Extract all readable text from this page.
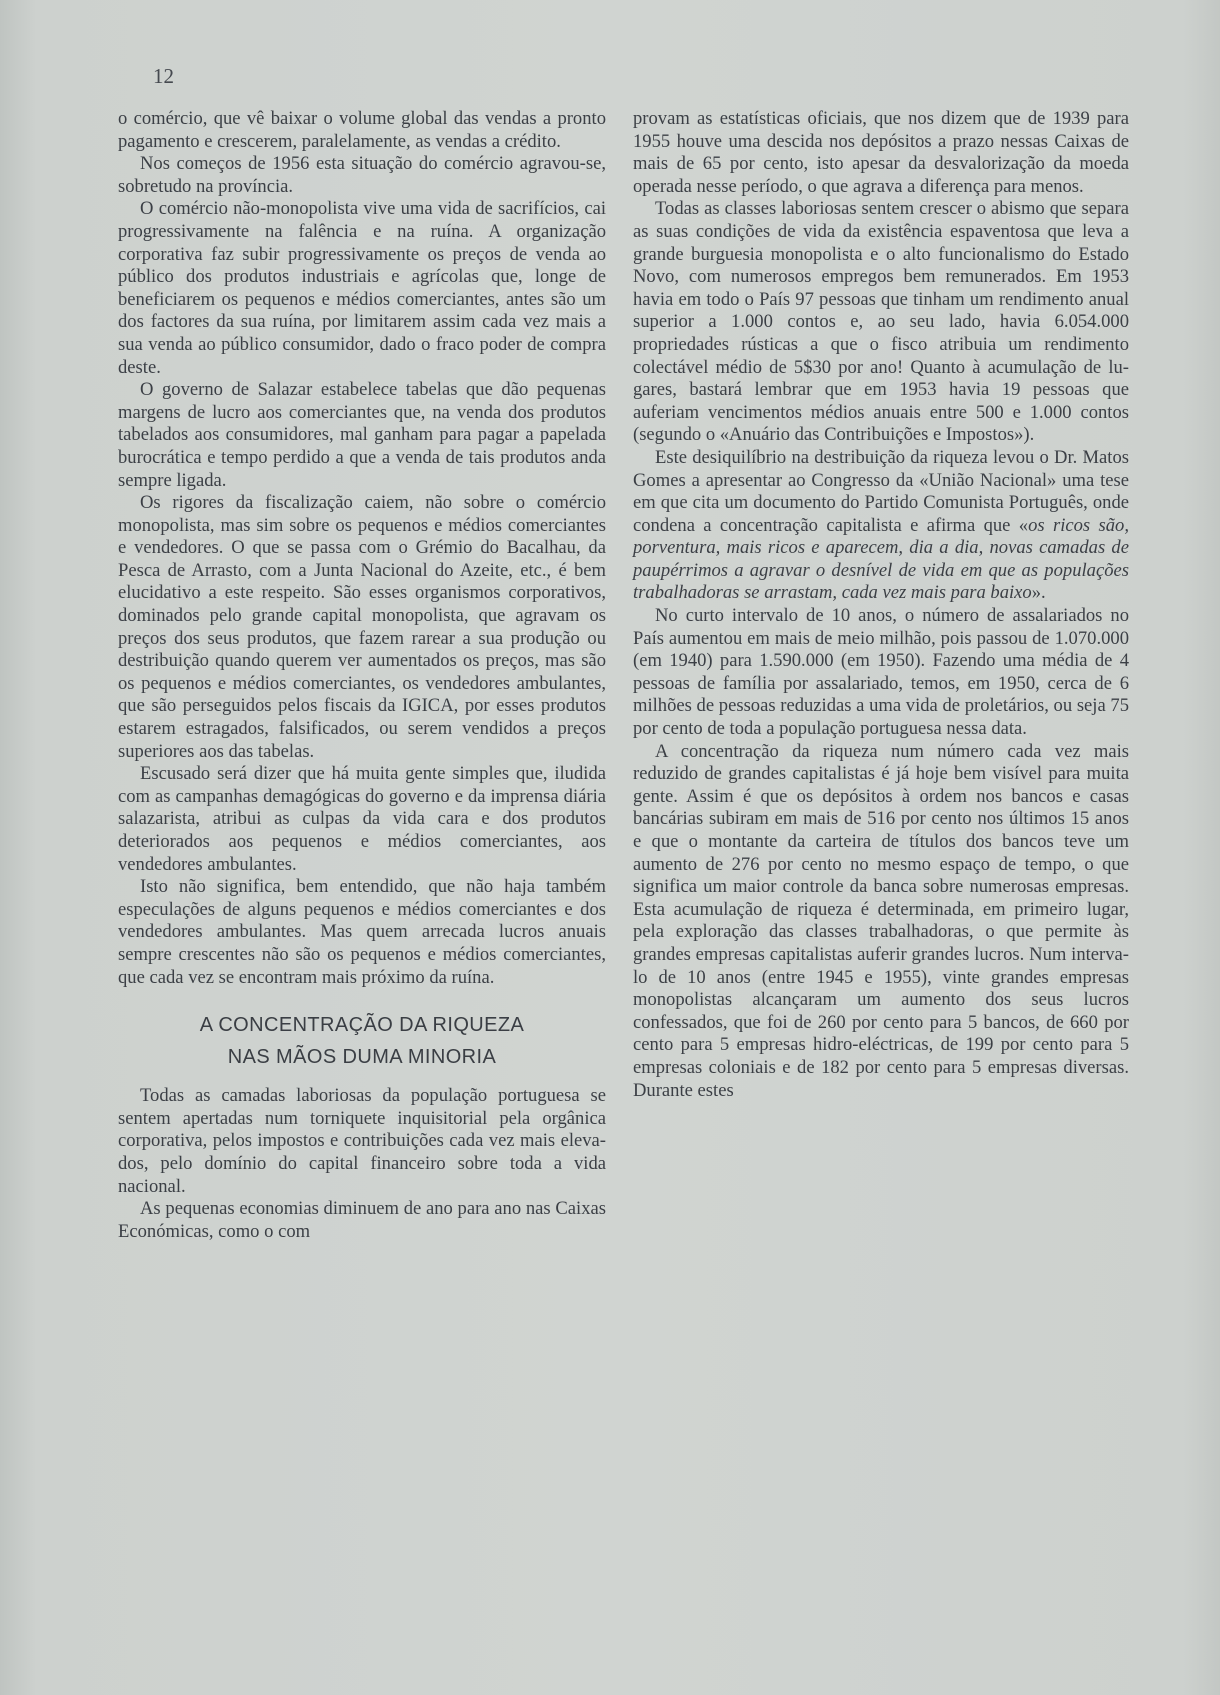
12

o comércio, que vê baixar o volume global das vendas a pronto pagamento e crescerem, paralelamente, as vendas a crédito.

Nos começos de 1956 esta situação do comércio agravou-se, sobretudo na província.

O comércio não-monopolista vive uma vida de sacrifícios, cai progressivamente na falência e na ruína. A organização corporativa faz subir progressivamente os preços de venda ao público dos produtos industriais e agrícolas que, longe de beneficiarem os pequenos e médios comerciantes, antes são um dos factores da sua ruína, por limitarem assim cada vez mais a sua venda ao público consumidor, dado o fraco poder de compra deste.

O governo de Salazar estabelece tabelas que dão pequenas margens de lucro aos comerciantes que, na venda dos produtos tabelados aos consumidores, mal ganham para pagar a papelada burocrática e tempo perdido a que a venda de tais produtos anda sempre ligada.

Os rigores da fiscalização caiem, não sobre o comércio monopolista, mas sim sobre os pequenos e médios comerciantes e vendedores. O que se passa com o Grémio do Bacalhau, da Pesca de Arrasto, com a Junta Nacional do Azeite, etc., é bem elucidativo a este respeito. São esses organismos corporativos, dominados pelo grande capital monopolista, que agravam os preços dos seus produtos, que fazem rarear a sua produção ou destribuição quando querem ver aumentados os preços, mas são os pequenos e médios comerciantes, os vendedores ambulantes, que são perseguidos pelos fiscais da IGICA, por esses produtos estarem estragados, falsificados, ou serem vendidos a preços superiores aos das tabelas.

Escusado será dizer que há muita gente simples que, iludida com as campanhas demagógicas do governo e da imprensa diária salazarista, atribui as culpas da vida cara e dos produtos deteriorados aos pequenos e médios comerciantes, aos vendedores ambulantes.

Isto não significa, bem entendido, que não haja também especulações de alguns pequenos e médios comerciantes e dos vendedores ambulantes. Mas quem arrecada lucros anuais sempre crescentes não são os pequenos e médios comerciantes, que cada vez se encontram mais próximo da ruína.

A CONCENTRAÇÃO DA RIQUEZA
NAS MÃOS DUMA MINORIA

Todas as camadas laboriosas da população portuguesa se sentem apertadas num torniquete inquisitorial pela orgânica corporativa, pelos impostos e contribuições cada vez mais elevados, pelo domínio do capital financeiro sobre toda a vida nacional.

As pequenas economias diminuem de ano para ano nas Caixas Económicas, como o com

provam as estatísticas oficiais, que nos dizem que de 1939 para 1955 houve uma descida nos depósitos a prazo nessas Caixas de mais de 65 por cento, isto apesar da desvalorização da moeda operada nesse período, o que agrava a diferença para menos.

Todas as classes laboriosas sentem crescer o abismo que separa as suas condições de vida da existência espaventosa que leva a grande burguesia monopolista e o alto funcionalismo do Estado Novo, com numerosos empregos bem remunerados. Em 1953 havia em todo o País 97 pessoas que tinham um rendimento anual superior a 1.000 contos e, ao seu lado, havia 6.054.000 propriedades rústicas a que o fisco atribuia um rendimento colectável médio de 5$30 por ano! Quanto à acumulação de lugares, bastará lembrar que em 1953 havia 19 pessoas que auferiam vencimentos médios anuais entre 500 e 1.000 contos (segundo o «Anuário das Contribuições e Impostos»).

Este desiquilíbrio na destribuição da riqueza levou o Dr. Matos Gomes a apresentar ao Congresso da «União Nacional» uma tese em que cita um documento do Partido Comunista Português, onde condena a concentração capitalista e afirma que «os ricos são, porventura, mais ricos e aparecem, dia a dia, novas camadas de paupérrimos a agravar o desnível de vida em que as populações trabalhadoras se arrastam, cada vez mais para baixo».

No curto intervalo de 10 anos, o número de assalariados no País aumentou em mais de meio milhão, pois passou de 1.070.000 (em 1940) para 1.590.000 (em 1950). Fazendo uma média de 4 pessoas de família por assalariado, temos, em 1950, cerca de 6 milhões de pessoas reduzidas a uma vida de proletários, ou seja 75 por cento de toda a população portuguesa nessa data.

A concentração da riqueza num número cada vez mais reduzido de grandes capitalistas é já hoje bem visível para muita gente. Assim é que os depósitos à ordem nos bancos e casas bancárias subiram em mais de 516 por cento nos últimos 15 anos e que o montante da carteira de títulos dos bancos teve um aumento de 276 por cento no mesmo espaço de tempo, o que significa um maior controle da banca sobre numerosas empresas. Esta acumulação de riqueza é determinada, em primeiro lugar, pela exploração das classes trabalhadoras, o que permite às grandes empresas capitalistas auferir grandes lucros. Num intervalo de 10 anos (entre 1945 e 1955), vinte grandes empresas monopolistas alcançaram um aumento dos seus lucros confessados, que foi de 260 por cento para 5 bancos, de 660 por cento para 5 empresas hidro-eléctricas, de 199 por cento para 5 empresas coloniais e de 182 por cento para 5 empresas diversas. Durante estes
